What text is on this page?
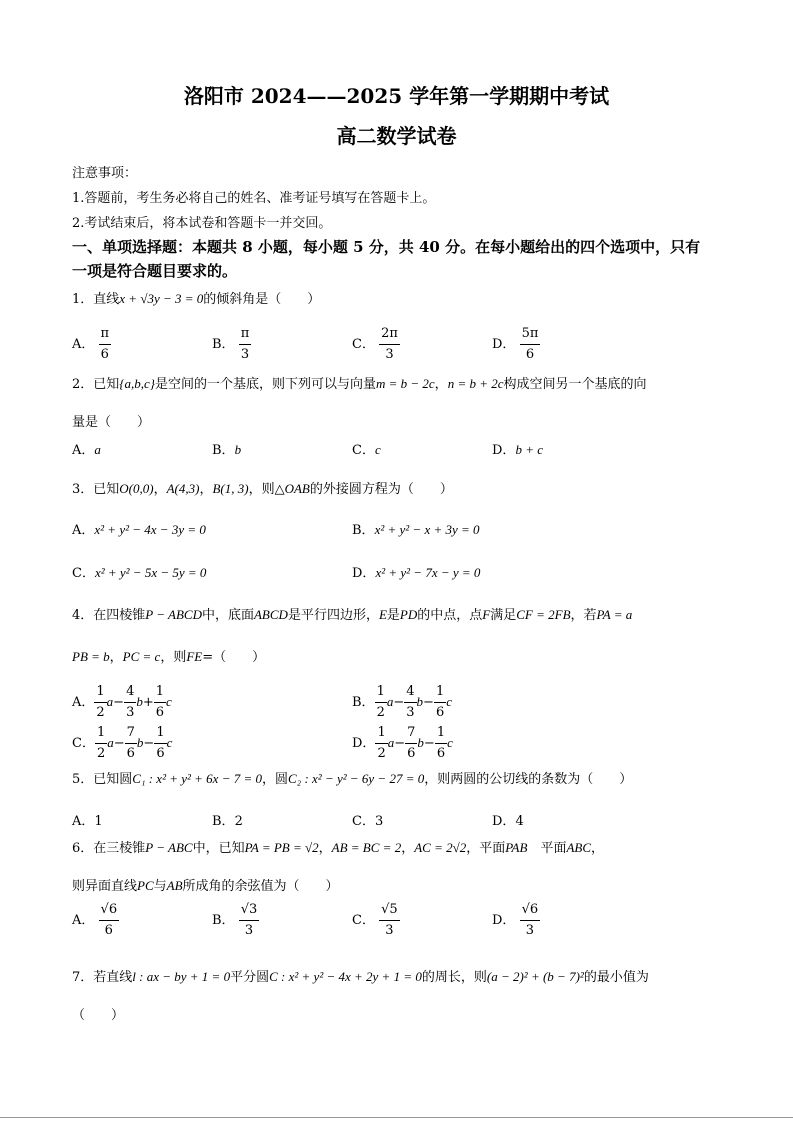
洛阳市 2024——2025 学年第一学期期中考试
高二数学试卷
注意事项：
1.答题前，考生务必将自己的姓名、准考证号填写在答题卡上。
2.考试结束后，将本试卷和答题卡一并交回。
一、单项选择题：本题共 8 小题，每小题 5 分，共 40 分。在每小题给出的四个选项中，只有
一项是符合题目要求的。
1．直线x + √3y − 3 = 0的倾斜角是（　　）
A． $\frac{\pi}{6}$	B． $\frac{\pi}{3}$	C． $\frac{2\pi}{3}$	D． $\frac{5\pi}{6}$
2．已知{a,b,c}是空间的一个基底，则下列可以与向量m = b − 2c，n = b + 2c构成空间另一个基底的向
量是（　　）
A．a	B．b	C．c	D．b + c
3．已知O(0,0)，A(4,3)，B(1, 3)，则△OAB的外接圆方程为（　　）
A．x² + y² − 4x − 3y = 0	B．x² + y² − x + 3y = 0
C．x² + y² − 5x − 5y = 0	D．x² + y² − 7x − y = 0
4．在四棱锥P − ABCD中，底面ABCD是平行四边形，E是PD的中点，点F满足CF = 2FB，若PA = a
PB = b，PC = c，则FE=（　　）
A． $\frac{1}{2} a- \frac{4}{3} b+ \frac{1}{6}$ c	B． $\frac{1}{2} a- \frac{4}{3} b- \frac{1}{6}$ c
C． $\frac{1}{2} a- \frac{7}{6} b- \frac{1}{6}$ c	D． $\frac{1}{2} a- \frac{7}{6} b- \frac{1}{6}$ c
5．已知圆C₁ : x² + y² + 6x − 7 = 0，圆C₂ : x² − y² − 6y − 27 = 0，则两圆的公切线的条数为（　　）
A．1	B．2	C．3	D．4
6．在三棱锥P − ABC中，已知PA = PB = √2，AB = BC = 2，AC = 2√2，平面PAB　 平面ABC，
则异面直线PC与AB所成角的余弦值为（　　）
A． $\frac{√6}{6}$	B． $\frac{√3}{3}$	C． $\frac{√5}{3}$	D． $\frac{√6}{3}$
7．若直线l : ax − by + 1 = 0平分圆C : x² + y² − 4x + 2y + 1 = 0的周长，则(a − 2)² + (b − 7)²的最小值为
（　　）
